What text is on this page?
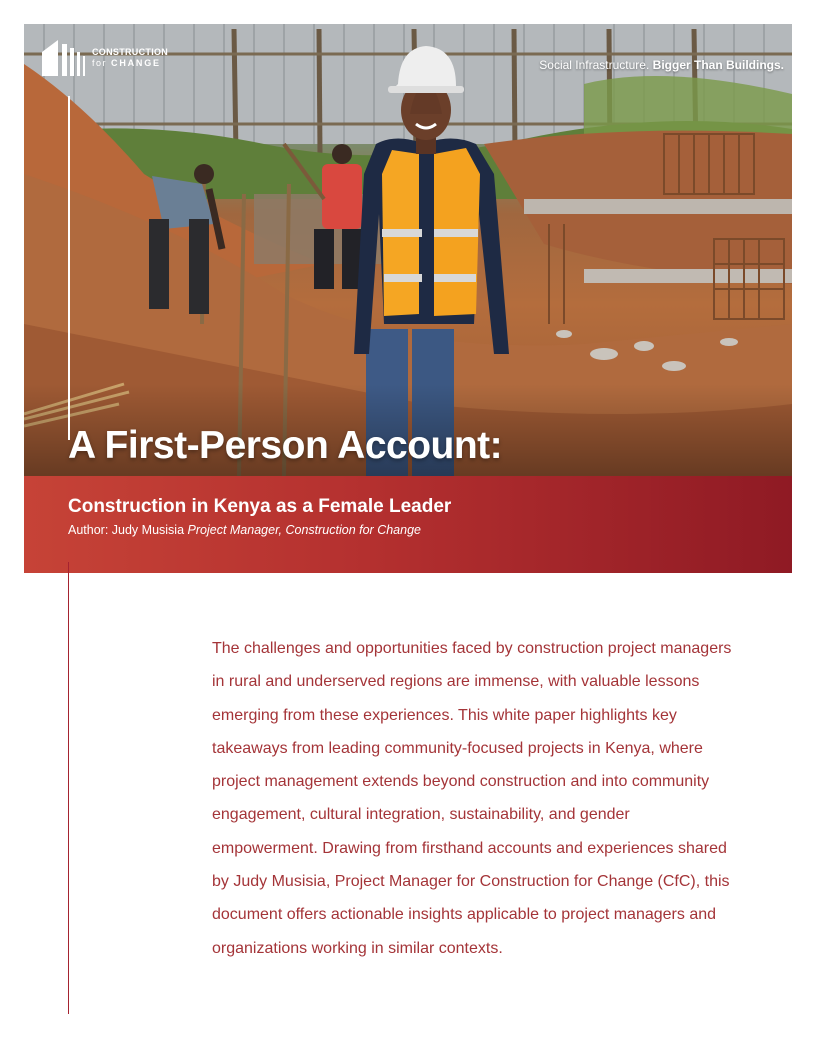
CONSTRUCTION
for CHANGE	Social Infrastructure. Bigger Than Buildings.
A First-Person Account:
Construction in Kenya as a Female Leader
Author: Judy Musisia Project Manager, Construction for Change

The challenges and opportunities faced by construction project managers in rural and underserved regions are immense, with valuable lessons emerging from these experiences. This white paper highlights key takeaways from leading community-focused projects in Kenya, where project management extends beyond construction and into community engagement, cultural integration, sustainability, and gender empowerment. Drawing from firsthand accounts and experiences shared by Judy Musisia, Project Manager for Construction for Change (CfC), this document offers actionable insights applicable to project managers and organizations working in similar contexts.
